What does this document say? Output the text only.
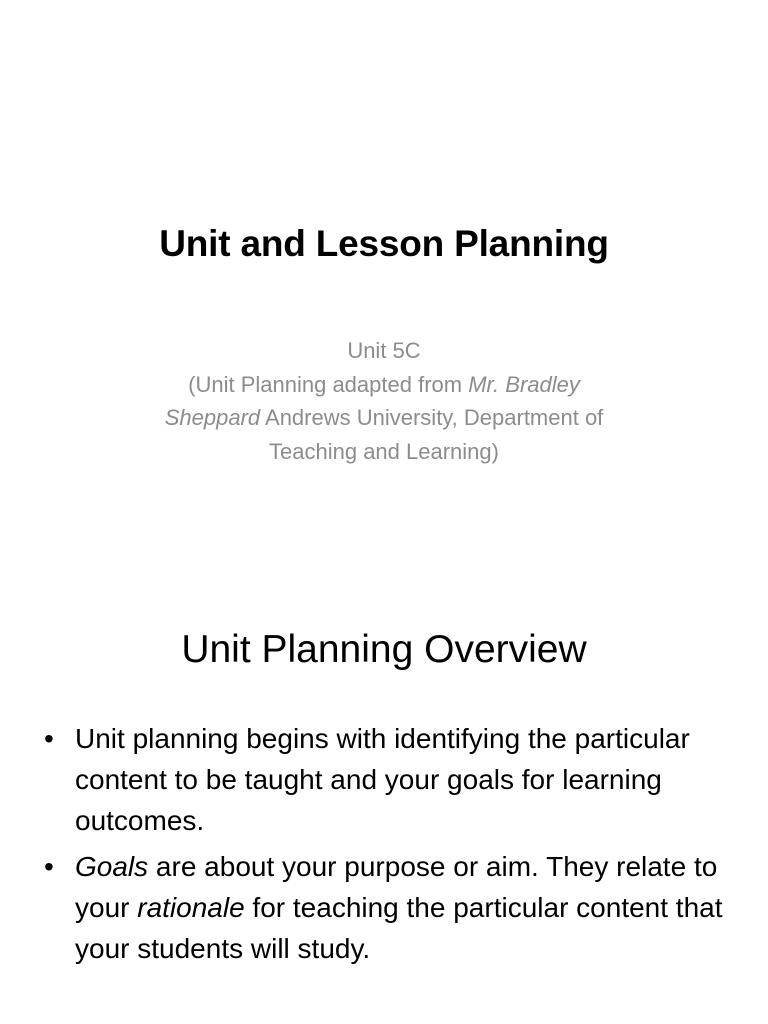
Unit and Lesson Planning
Unit 5C
(Unit Planning adapted from Mr. Bradley
Sheppard Andrews University, Department of
Teaching and Learning)
Unit Planning Overview
• Unit planning begins with identifying the particular content to be taught and your goals for learning outcomes.
• Goals are about your purpose or aim. They relate to your rationale for teaching the particular content that your students will study.
